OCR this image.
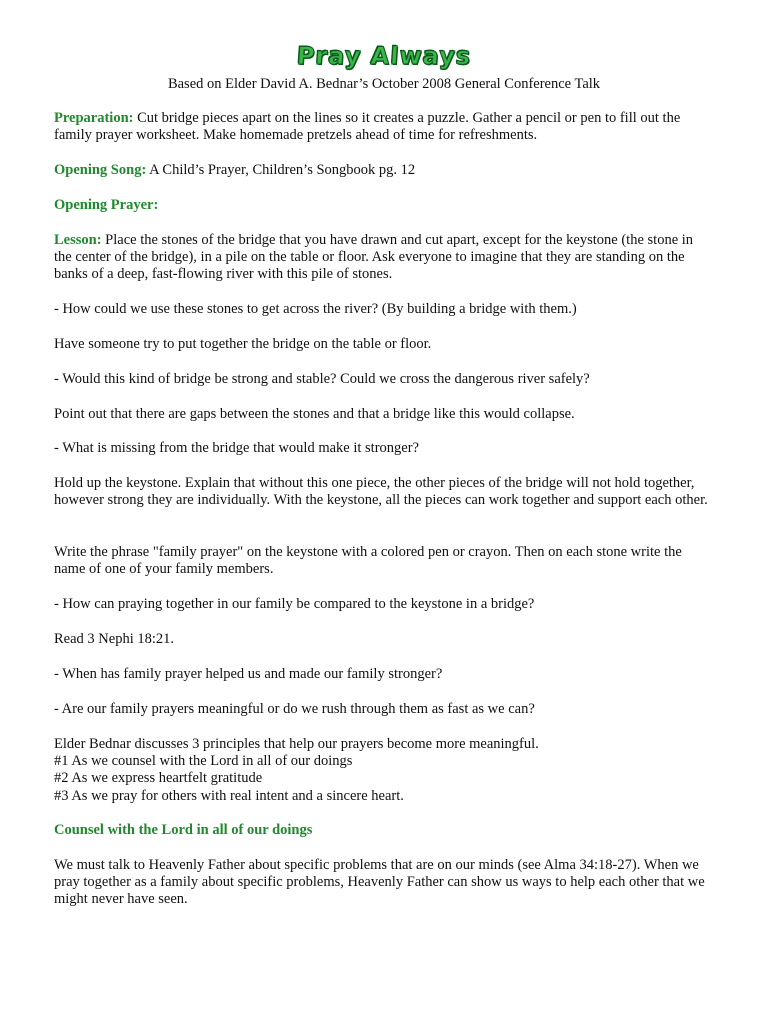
Pray Always
Based on Elder David A. Bednar’s October 2008 General Conference Talk

Preparation: Cut bridge pieces apart on the lines so it creates a puzzle. Gather a pencil or pen to fill out the family prayer worksheet. Make homemade pretzels ahead of time for refreshments.

Opening Song: A Child’s Prayer, Children’s Songbook pg. 12

Opening Prayer:

Lesson: Place the stones of the bridge that you have drawn and cut apart, except for the keystone (the stone in the center of the bridge), in a pile on the table or floor. Ask everyone to imagine that they are standing on the banks of a deep, fast-flowing river with this pile of stones.

- How could we use these stones to get across the river? (By building a bridge with them.)

Have someone try to put together the bridge on the table or floor.

- Would this kind of bridge be strong and stable? Could we cross the dangerous river safely?

Point out that there are gaps between the stones and that a bridge like this would collapse.

- What is missing from the bridge that would make it stronger?

Hold up the keystone. Explain that without this one piece, the other pieces of the bridge will not hold together, however strong they are individually. With the keystone, all the pieces can work together and support each other.

Write the phrase "family prayer" on the keystone with a colored pen or crayon. Then on each stone write the name of one of your family members.

- How can praying together in our family be compared to the keystone in a bridge?

Read 3 Nephi 18:21.

- When has family prayer helped us and made our family stronger?

- Are our family prayers meaningful or do we rush through them as fast as we can?

Elder Bednar discusses 3 principles that help our prayers become more meaningful.

#1 As we counsel with the Lord in all of our doings

#2 As we express heartfelt gratitude

#3 As we pray for others with real intent and a sincere heart.

Counsel with the Lord in all of our doings

We must talk to Heavenly Father about specific problems that are on our minds (see Alma 34:18-27). When we pray together as a family about specific problems, Heavenly Father can show us ways to help each other that we might never have seen.
